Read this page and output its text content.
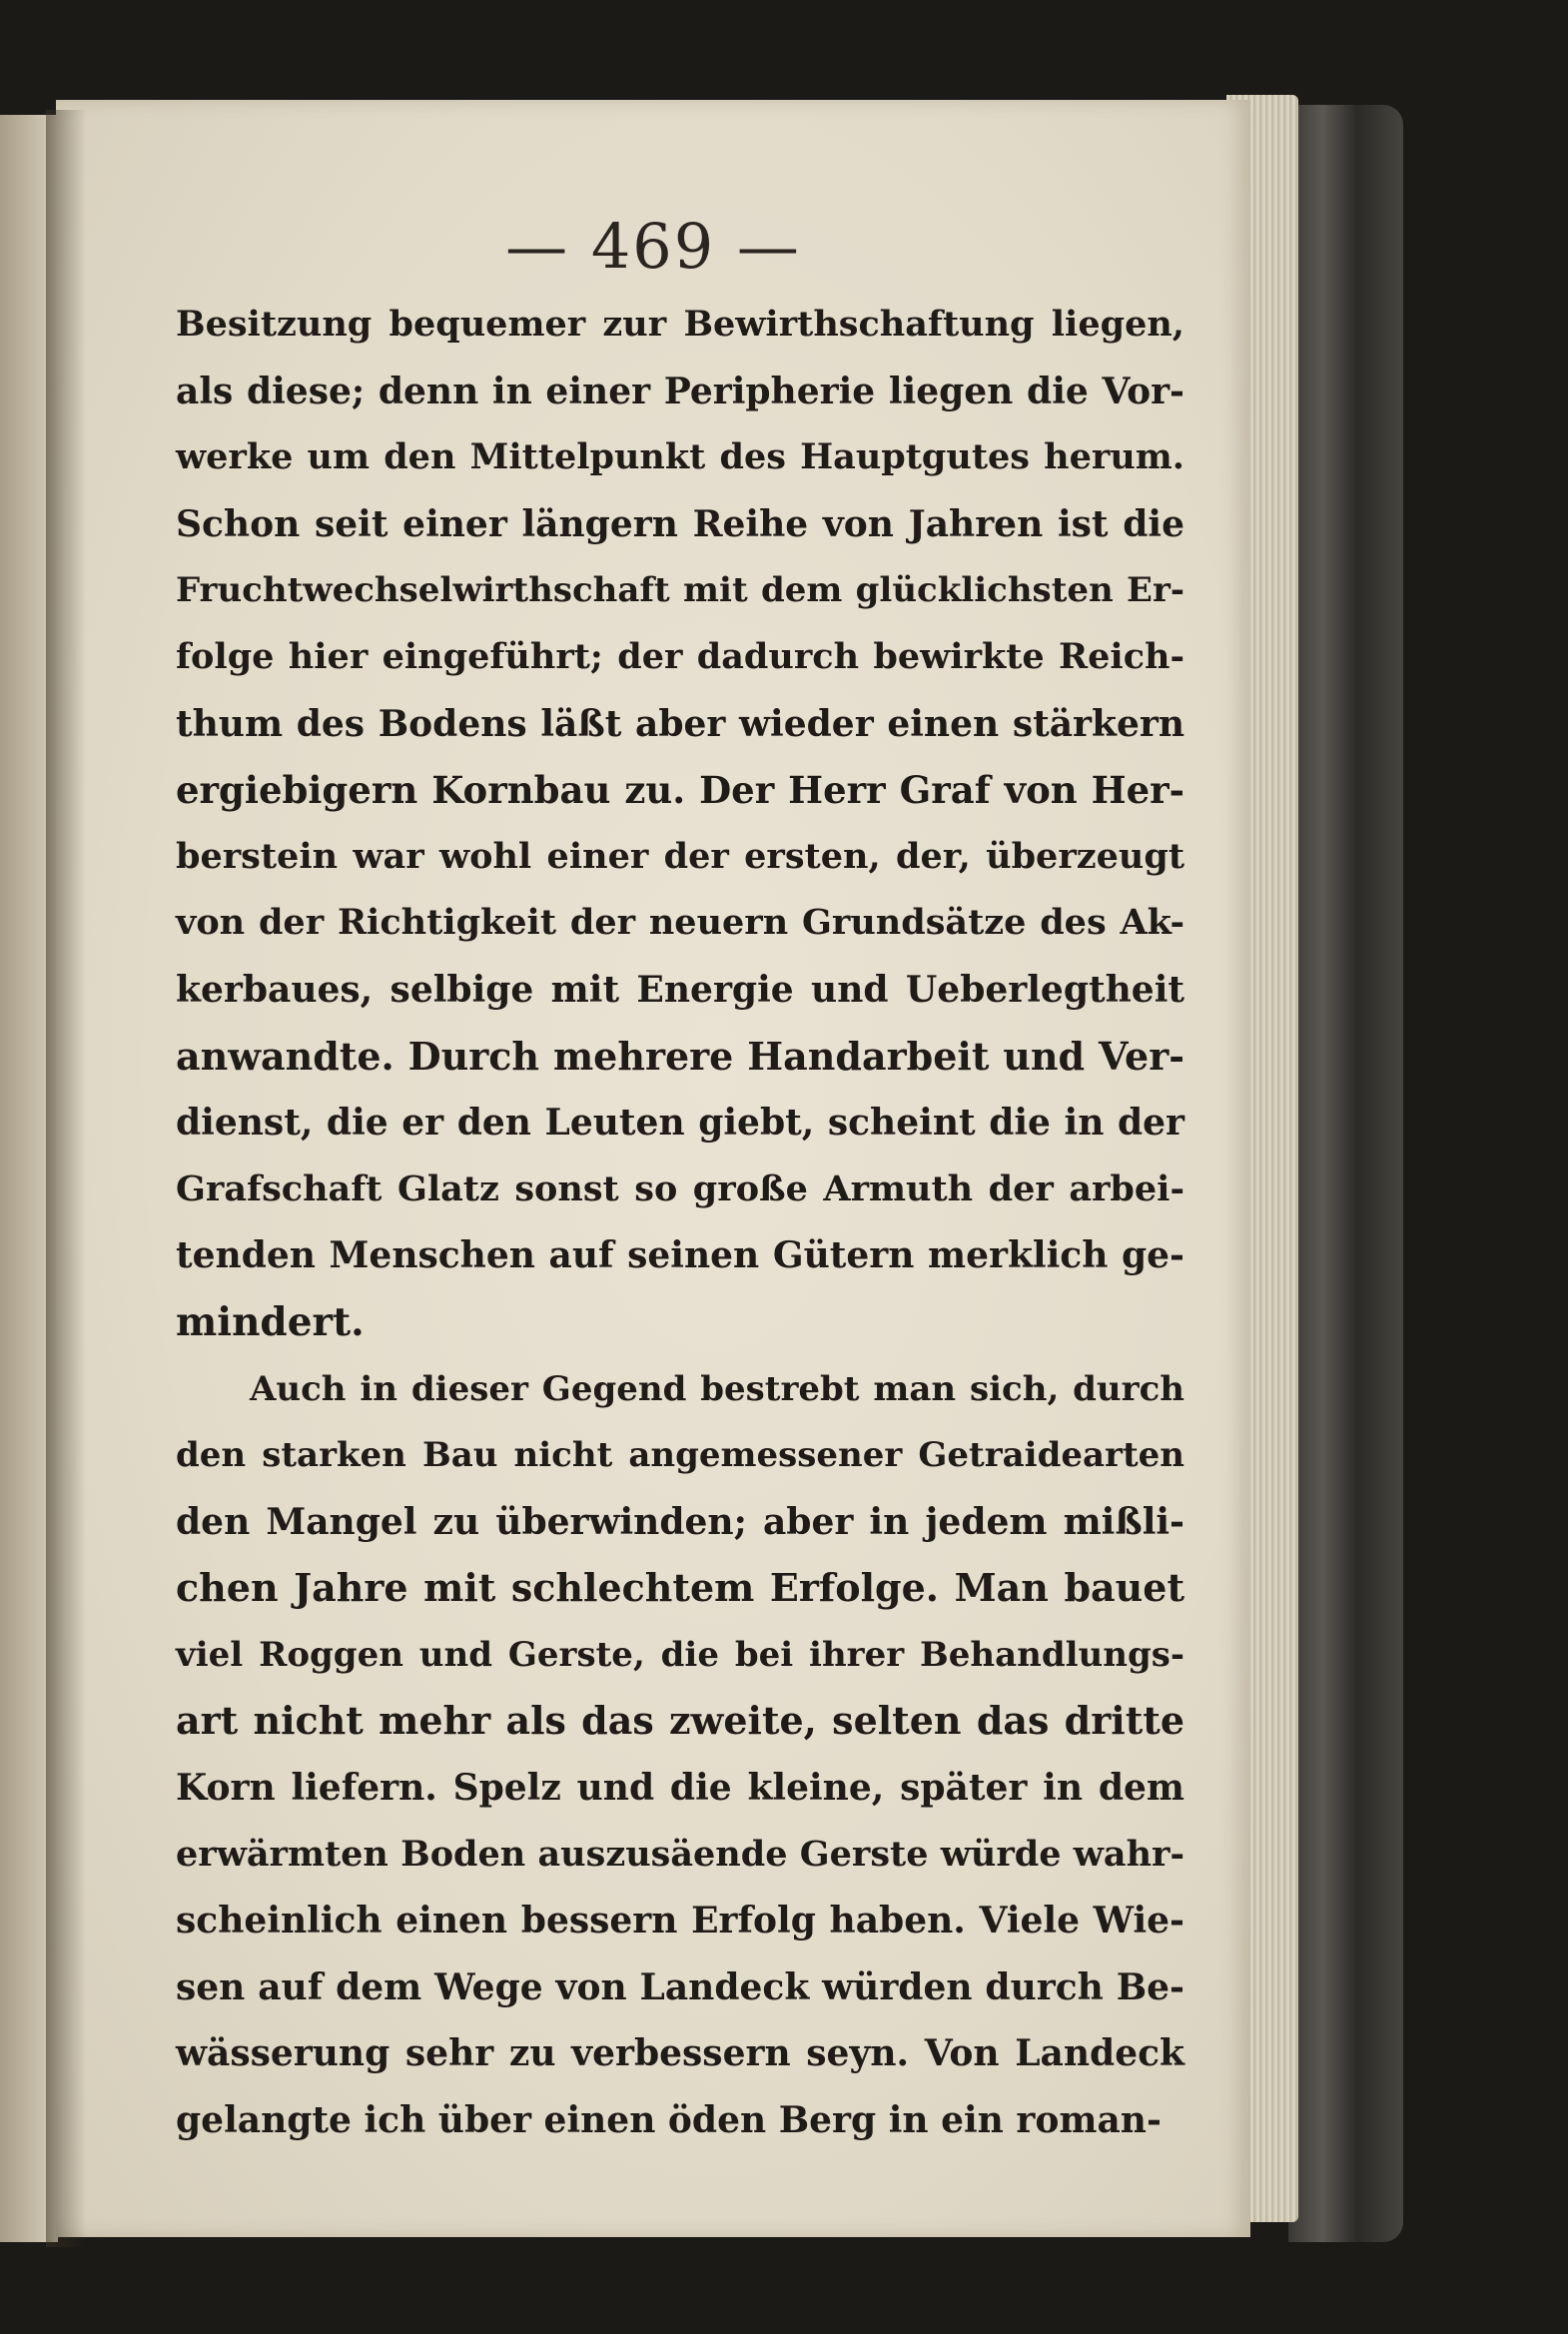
— 469 —
Besitzung bequemer zur Bewirthschaftung liegen,
als diese; denn in einer Peripherie liegen die Vor-
werke um den Mittelpunkt des Hauptgutes herum.
Schon seit einer längern Reihe von Jahren ist die
Fruchtwechselwirthschaft mit dem glücklichsten Er-
folge hier eingeführt; der dadurch bewirkte Reich-
thum des Bodens läßt aber wieder einen stärkern
ergiebigern Kornbau zu. Der Herr Graf von Her-
berstein war wohl einer der ersten, der, überzeugt
von der Richtigkeit der neuern Grundsätze des Ak-
kerbaues, selbige mit Energie und Ueberlegtheit
anwandte. Durch mehrere Handarbeit und Ver-
dienst, die er den Leuten giebt, scheint die in der
Grafschaft Glatz sonst so große Armuth der arbei-
tenden Menschen auf seinen Gütern merklich ge-
mindert.
Auch in dieser Gegend bestrebt man sich, durch
den starken Bau nicht angemessener Getraidearten
den Mangel zu überwinden; aber in jedem mißli-
chen Jahre mit schlechtem Erfolge. Man bauet
viel Roggen und Gerste, die bei ihrer Behandlungs-
art nicht mehr als das zweite, selten das dritte
Korn liefern. Spelz und die kleine, später in dem
erwärmten Boden auszusäende Gerste würde wahr-
scheinlich einen bessern Erfolg haben. Viele Wie-
sen auf dem Wege von Landeck würden durch Be-
wässerung sehr zu verbessern seyn. Von Landeck
gelangte ich über einen öden Berg in ein roman-
